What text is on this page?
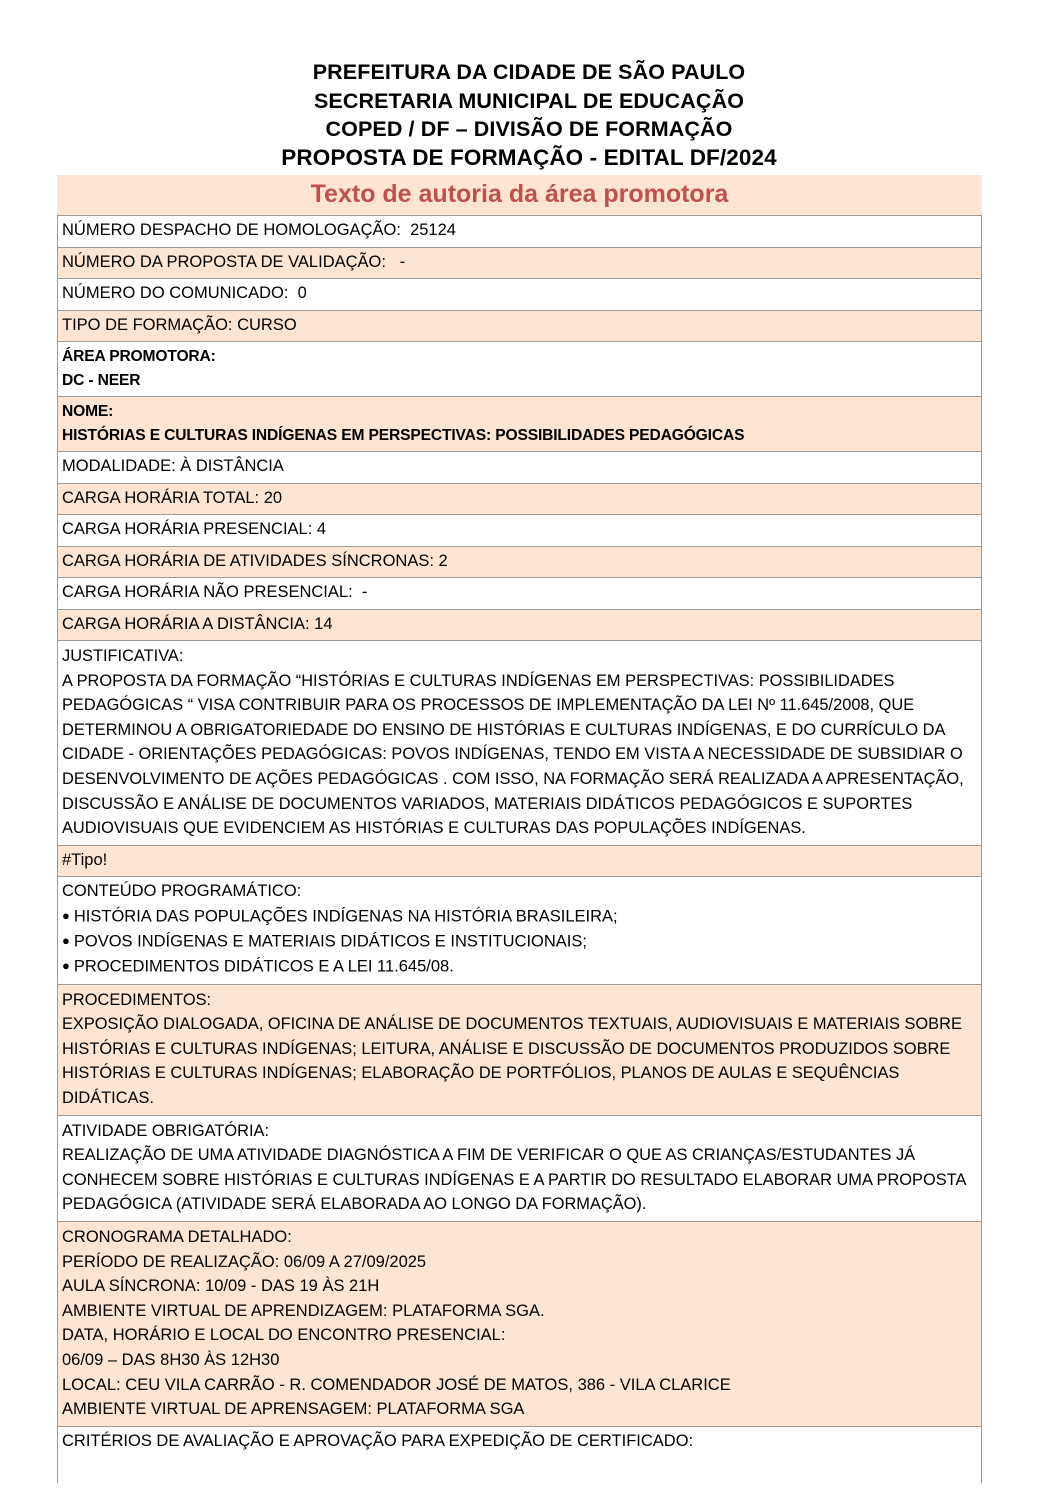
PREFEITURA DA CIDADE DE SÃO PAULO
SECRETARIA MUNICIPAL DE EDUCAÇÃO
COPED / DF – DIVISÃO DE FORMAÇÃO
PROPOSTA DE FORMAÇÃO - EDITAL DF/2024
Texto de autoria da área promotora
NÚMERO DESPACHO DE HOMOLOGAÇÃO:  25124
NÚMERO DA PROPOSTA DE VALIDAÇÃO:   -
NÚMERO DO COMUNICADO:  0
TIPO DE FORMAÇÃO: CURSO
ÁREA PROMOTORA:
DC - NEER
NOME:
HISTÓRIAS E CULTURAS INDÍGENAS EM PERSPECTIVAS: POSSIBILIDADES PEDAGÓGICAS
MODALIDADE: À DISTÂNCIA
CARGA HORÁRIA TOTAL: 20
CARGA HORÁRIA PRESENCIAL: 4
CARGA HORÁRIA DE ATIVIDADES SÍNCRONAS: 2
CARGA HORÁRIA NÃO PRESENCIAL:  -
CARGA HORÁRIA A DISTÂNCIA: 14
JUSTIFICATIVA:
A PROPOSTA DA FORMAÇÃO “HISTÓRIAS E CULTURAS INDÍGENAS EM PERSPECTIVAS: POSSIBILIDADES PEDAGÓGICAS “ VISA CONTRIBUIR PARA OS PROCESSOS DE IMPLEMENTAÇÃO DA LEI Nº 11.645/2008, QUE DETERMINOU A OBRIGATORIEDADE DO ENSINO DE HISTÓRIAS E CULTURAS INDÍGENAS, E DO CURRÍCULO DA CIDADE - ORIENTAÇÕES PEDAGÓGICAS: POVOS INDÍGENAS, TENDO EM VISTA A NECESSIDADE DE SUBSIDIAR O DESENVOLVIMENTO DE AÇÕES PEDAGÓGICAS . COM ISSO, NA FORMAÇÃO SERÁ REALIZADA A APRESENTAÇÃO, DISCUSSÃO E ANÁLISE DE DOCUMENTOS VARIADOS, MATERIAIS DIDÁTICOS PEDAGÓGICOS E SUPORTES AUDIOVISUAIS QUE EVIDENCIEM AS HISTÓRIAS E CULTURAS DAS POPULAÇÕES INDÍGENAS.
#Tipo!
CONTEÚDO PROGRAMÁTICO:
● HISTÓRIA DAS POPULAÇÕES INDÍGENAS NA HISTÓRIA BRASILEIRA;
● POVOS INDÍGENAS E MATERIAIS DIDÁTICOS E INSTITUCIONAIS;
● PROCEDIMENTOS DIDÁTICOS E A LEI 11.645/08.
PROCEDIMENTOS:
EXPOSIÇÃO DIALOGADA, OFICINA DE ANÁLISE DE DOCUMENTOS TEXTUAIS, AUDIOVISUAIS E MATERIAIS SOBRE HISTÓRIAS E CULTURAS INDÍGENAS; LEITURA, ANÁLISE E DISCUSSÃO DE DOCUMENTOS PRODUZIDOS SOBRE HISTÓRIAS E CULTURAS INDÍGENAS; ELABORAÇÃO DE PORTFÓLIOS, PLANOS DE AULAS E SEQUÊNCIAS DIDÁTICAS.
ATIVIDADE OBRIGATÓRIA:
REALIZAÇÃO DE UMA ATIVIDADE DIAGNÓSTICA A FIM DE VERIFICAR O QUE AS CRIANÇAS/ESTUDANTES JÁ CONHECEM SOBRE HISTÓRIAS E CULTURAS INDÍGENAS E A PARTIR DO RESULTADO ELABORAR UMA PROPOSTA PEDAGÓGICA (ATIVIDADE SERÁ ELABORADA AO LONGO DA FORMAÇÃO).
CRONOGRAMA DETALHADO:
PERÍODO DE REALIZAÇÃO: 06/09 A 27/09/2025
AULA SÍNCRONA: 10/09 - DAS 19 ÀS 21H
AMBIENTE VIRTUAL DE APRENDIZAGEM: PLATAFORMA SGA.
DATA, HORÁRIO E LOCAL DO ENCONTRO PRESENCIAL:
06/09 – DAS 8H30 ÀS 12H30
LOCAL: CEU VILA CARRÃO - R. COMENDADOR JOSÉ DE MATOS, 386 - VILA CLARICE
AMBIENTE VIRTUAL DE APRENSAGEM: PLATAFORMA SGA
CRITÉRIOS DE AVALIAÇÃO E APROVAÇÃO PARA EXPEDIÇÃO DE CERTIFICADO:
